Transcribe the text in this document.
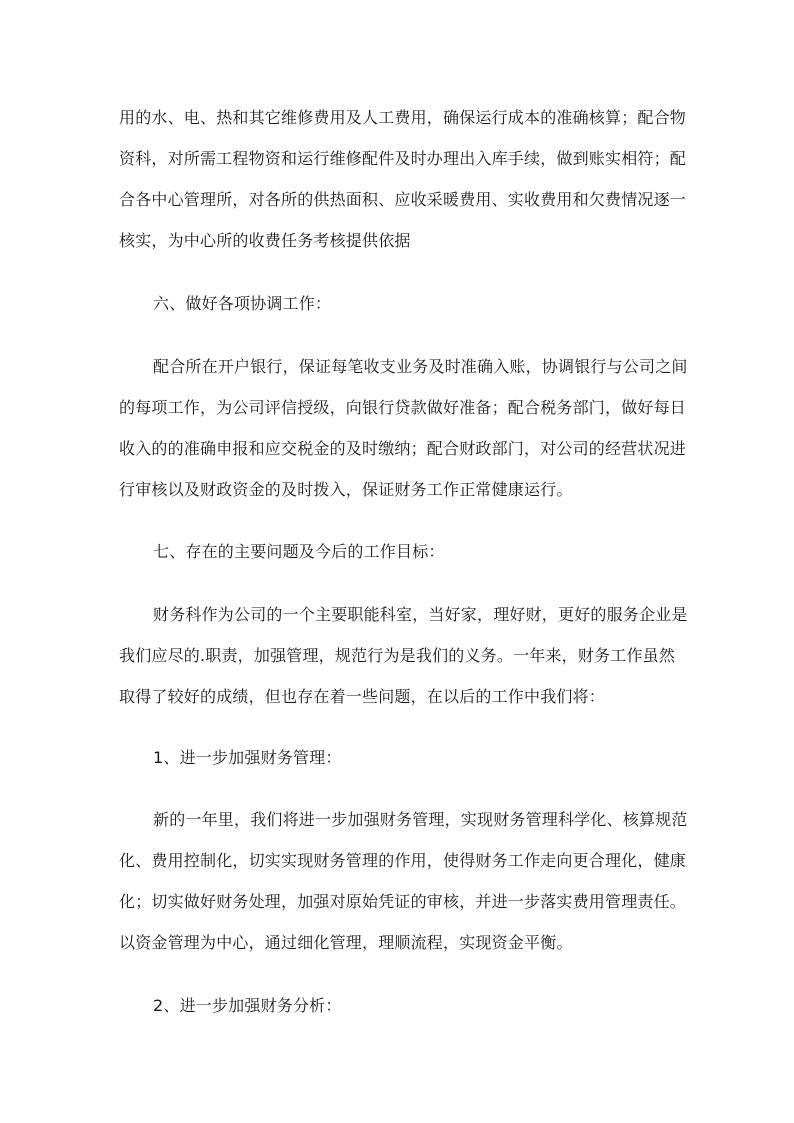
用的水、电、热和其它维修费用及人工费用，确保运行成本的准确核算；配合物
资科，对所需工程物资和运行维修配件及时办理出入库手续，做到账实相符；配
合各中心管理所，对各所的供热面积、应收采暖费用、实收费用和欠费情况逐一
核实，为中心所的收费任务考核提供依据
六、做好各项协调工作：
配合所在开户银行，保证每笔收支业务及时准确入账，协调银行与公司之间
的每项工作，为公司评信授级，向银行贷款做好准备；配合税务部门，做好每日
收入的的准确申报和应交税金的及时缴纳；配合财政部门，对公司的经营状况进
行审核以及财政资金的及时拨入，保证财务工作正常健康运行。
七、存在的主要问题及今后的工作目标：
财务科作为公司的一个主要职能科室，当好家，理好财，更好的服务企业是
我们应尽的.职责，加强管理，规范行为是我们的义务。一年来，财务工作虽然
取得了较好的成绩，但也存在着一些问题，在以后的工作中我们将：
1、进一步加强财务管理：
新的一年里，我们将进一步加强财务管理，实现财务管理科学化、核算规范
化、费用控制化，切实实现财务管理的作用，使得财务工作走向更合理化，健康
化；切实做好财务处理，加强对原始凭证的审核，并进一步落实费用管理责任。
以资金管理为中心，通过细化管理，理顺流程，实现资金平衡。
2、进一步加强财务分析：
